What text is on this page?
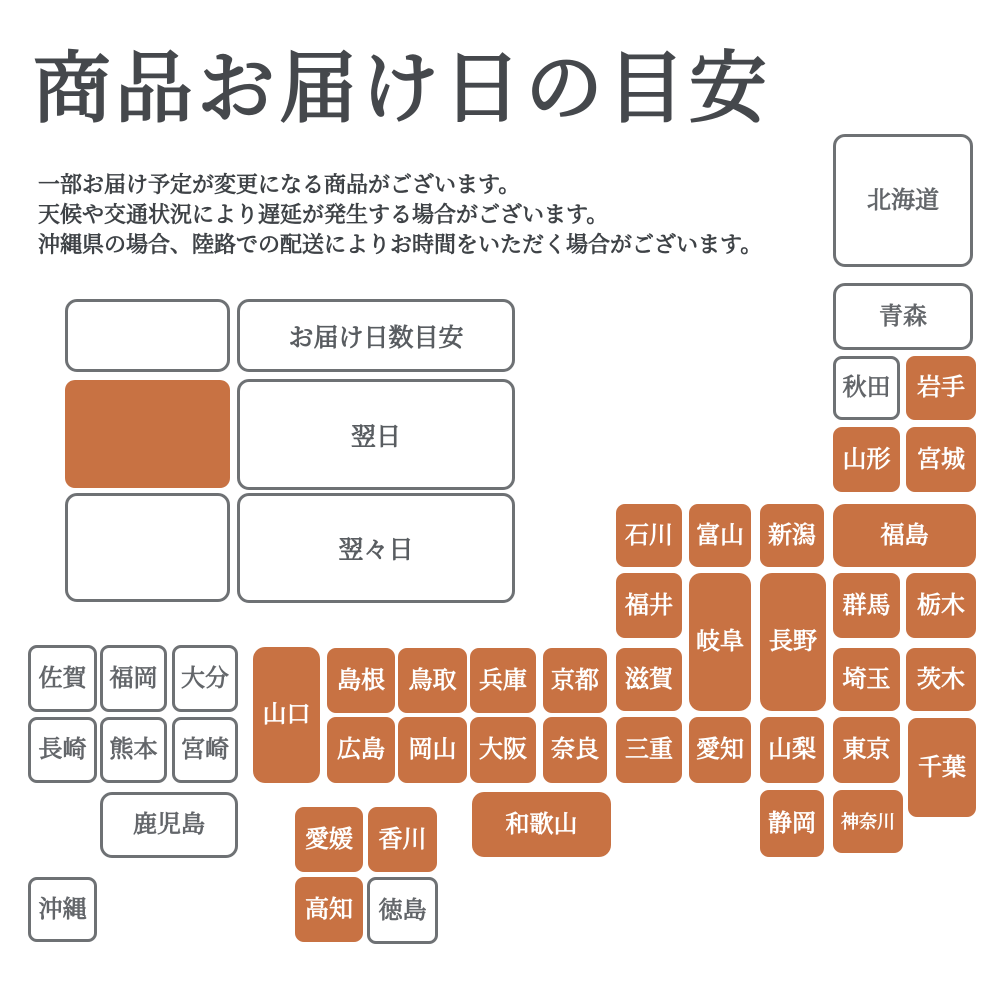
商品お届け日の目安

一部お届け予定が変更になる商品がございます。

天候や交通状況により遅延が発生する場合がございます。

沖縄県の場合、陸路での配送によりお時間をいただく場合がございます。

お届け日数目安
翌日
翌々日
北海道
青森
秋田 岩手
山形 宮城
石川 富山 新潟	福島
福井
岐阜 長野
群馬 栃木
滋賀	埼玉 茨木
佐賀 福岡 大分
山口
島根 鳥取 兵庫 京都
長崎 熊本 宮崎	広島 岡山 大阪 奈良 三重 愛知 山梨 東京
千葉
鹿児島	和歌山	静岡 神奈川
愛媛 香川
沖縄	高知 徳島
